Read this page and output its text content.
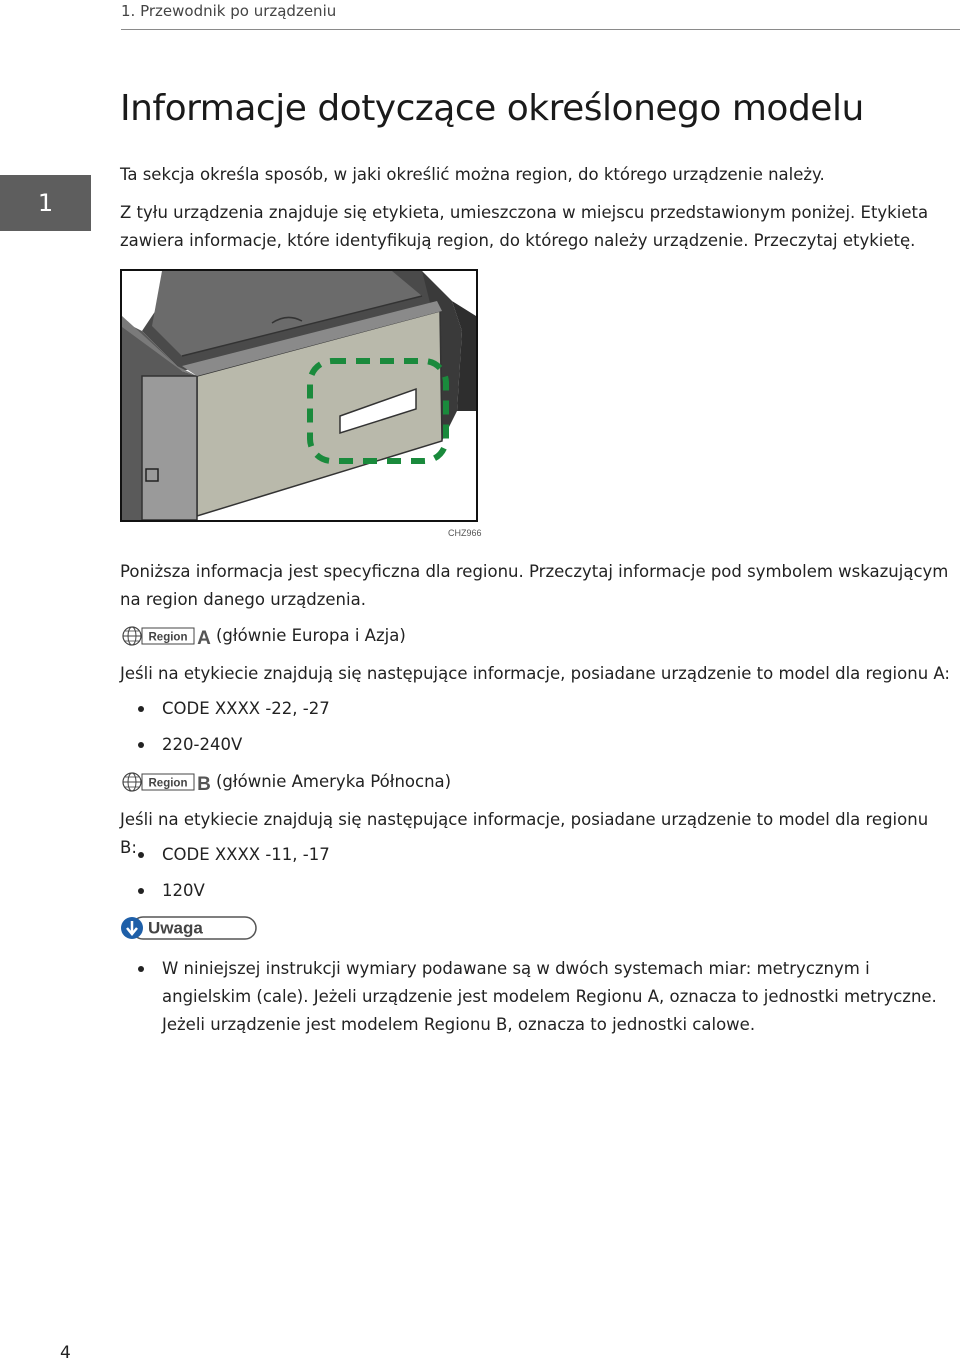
1. Przewodnik po urządzeniu
1
Informacje dotyczące określonego modelu

Ta sekcja określa sposób, w jaki określić można region, do którego urządzenie należy.

Z tyłu urządzenia znajduje się etykieta, umieszczona w miejscu przedstawionym poniżej. Etykieta zawiera informacje, które identyfikują region, do którego należy urządzenie. Przeczytaj etykietę.

CHZ966

Poniższa informacja jest specyficzna dla regionu. Przeczytaj informacje pod symbolem wskazującym na region danego urządzenia.

Region A (głównie Europa i Azja)

Jeśli na etykiecie znajdują się następujące informacje, posiadane urządzenie to model dla regionu A:

CODE XXXX -22, -27
220-240V
Region B (głównie Ameryka Północna)

Jeśli na etykiecie znajdują się następujące informacje, posiadane urządzenie to model dla regionu B:	CODE XXXX -11, -17
120V
Uwaga
W niniejszej instrukcji wymiary podawane są w dwóch systemach miar: metrycznym i angielskim (cale). Jeżeli urządzenie jest modelem Regionu A, oznacza to jednostki metryczne. Jeżeli urządzenie jest modelem Regionu B, oznacza to jednostki calowe.
4
